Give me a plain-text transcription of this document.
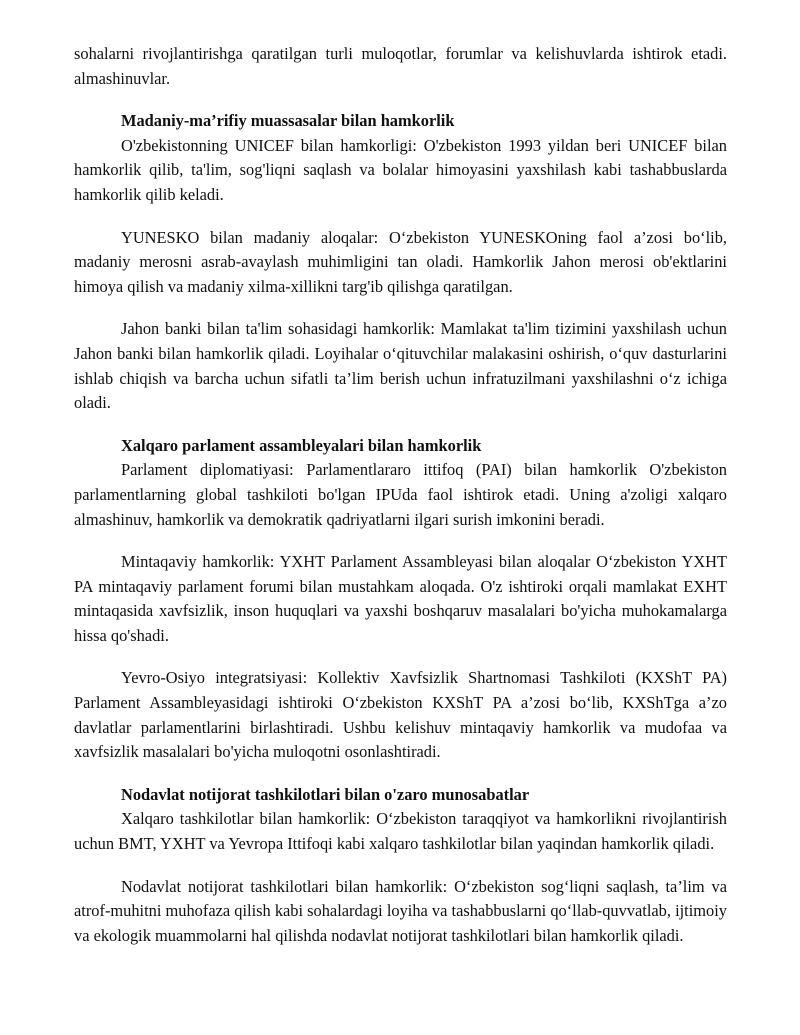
sohalarni rivojlantirishga qaratilgan turli muloqotlar, forumlar va kelishuvlarda ishtirok etadi. almashinuvlar.

Madaniy-ma’rifiy muassasalar bilan hamkorlik

O'zbekistonning UNICEF bilan hamkorligi: O'zbekiston 1993 yildan beri UNICEF bilan hamkorlik qilib, ta'lim, sog'liqni saqlash va bolalar himoyasini yaxshilash kabi tashabbuslarda hamkorlik qilib keladi.

YUNESKO bilan madaniy aloqalar: O‘zbekiston YUNESKOning faol a’zosi bo‘lib, madaniy merosni asrab-avaylash muhimligini tan oladi. Hamkorlik Jahon merosi ob'ektlarini himoya qilish va madaniy xilma-xillikni targ'ib qilishga qaratilgan.

Jahon banki bilan ta'lim sohasidagi hamkorlik: Mamlakat ta'lim tizimini yaxshilash uchun Jahon banki bilan hamkorlik qiladi. Loyihalar o‘qituvchilar malakasini oshirish, o‘quv dasturlarini ishlab chiqish va barcha uchun sifatli ta’lim berish uchun infratuzilmani yaxshilashni o‘z ichiga oladi.

Xalqaro parlament assambleyalari bilan hamkorlik

Parlament diplomatiyasi: Parlamentlararo ittifoq (PAI) bilan hamkorlik O'zbekiston parlamentlarning global tashkiloti bo'lgan IPUda faol ishtirok etadi. Uning a'zoligi xalqaro almashinuv, hamkorlik va demokratik qadriyatlarni ilgari surish imkonini beradi.

Mintaqaviy hamkorlik: YXHT Parlament Assambleyasi bilan aloqalar O‘zbekiston YXHT PA mintaqaviy parlament forumi bilan mustahkam aloqada. O'z ishtiroki orqali mamlakat EXHT mintaqasida xavfsizlik, inson huquqlari va yaxshi boshqaruv masalalari bo'yicha muhokamalarga hissa qo'shadi.

Yevro-Osiyo integratsiyasi: Kollektiv Xavfsizlik Shartnomasi Tashkiloti (KXShT PA) Parlament Assambleyasidagi ishtiroki O‘zbekiston KXShT PA a’zosi bo‘lib, KXShTga a’zo davlatlar parlamentlarini birlashtiradi. Ushbu kelishuv mintaqaviy hamkorlik va mudofaa va xavfsizlik masalalari bo'yicha muloqotni osonlashtiradi.

Nodavlat notijorat tashkilotlari bilan o'zaro munosabatlar

Xalqaro tashkilotlar bilan hamkorlik: O‘zbekiston taraqqiyot va hamkorlikni rivojlantirish uchun BMT, YXHT va Yevropa Ittifoqi kabi xalqaro tashkilotlar bilan yaqindan hamkorlik qiladi.

Nodavlat notijorat tashkilotlari bilan hamkorlik: O‘zbekiston sog‘liqni saqlash, ta’lim va atrof-muhitni muhofaza qilish kabi sohalardagi loyiha va tashabbuslarni qo‘llab-quvvatlab, ijtimoiy va ekologik muammolarni hal qilishda nodavlat notijorat tashkilotlari bilan hamkorlik qiladi.
